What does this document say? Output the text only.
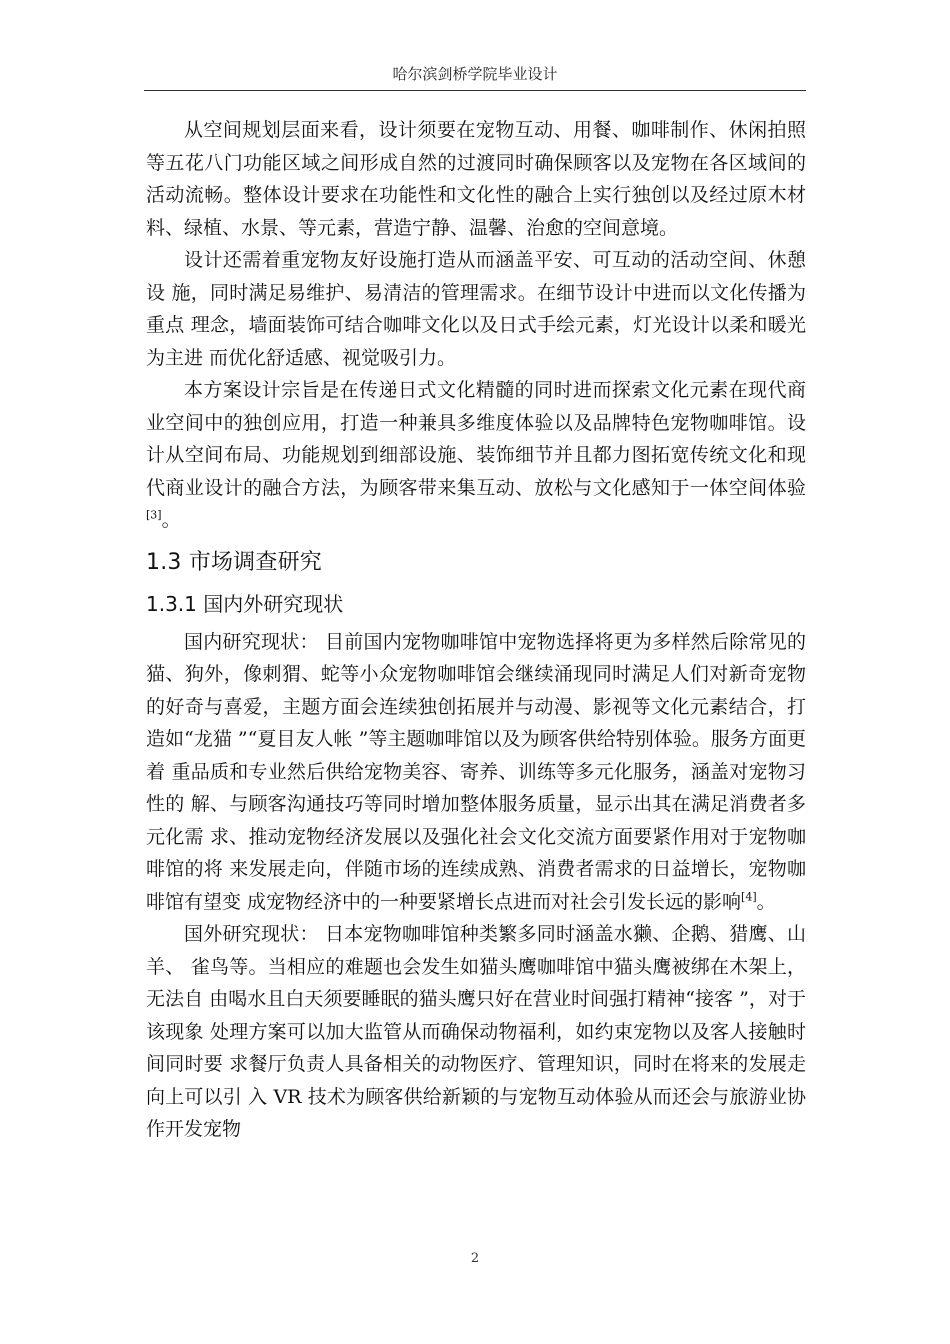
哈尔滨剑桥学院毕业设计

从空间规划层面来看，设计须要在宠物互动、用餐、咖啡制作、休闲拍照等五花八门功能区域之间形成自然的过渡同时确保顾客以及宠物在各区域间的活动流畅。整体设计要求在功能性和文化性的融合上实行独创以及经过原木材料、绿植、水景、等元素，营造宁静、温馨、治愈的空间意境。

设计还需着重宠物友好设施打造从而涵盖平安、可互动的活动空间、休憩设 施，同时满足易维护、易清洁的管理需求。在细节设计中进而以文化传播为重点 理念，墙面装饰可结合咖啡文化以及日式手绘元素，灯光设计以柔和暖光为主进 而优化舒适感、视觉吸引力。

本方案设计宗旨是在传递日式文化精髓的同时进而探索文化元素在现代商业空间中的独创应用，打造一种兼具多维度体验以及品牌特色宠物咖啡馆。设计从空间布局、功能规划到细部设施、装饰细节并且都力图拓宽传统文化和现代商业设计的融合方法，为顾客带来集互动、放松与文化感知于一体空间体验[3]。

1.3 市场调查研究
1.3.1 国内外研究现状

国内研究现状： 目前国内宠物咖啡馆中宠物选择将更为多样然后除常见的猫、狗外，像刺猬、蛇等小众宠物咖啡馆会继续涌现同时满足人们对新奇宠物的好奇与喜爱，主题方面会连续独创拓展并与动漫、影视等文化元素结合，打造如“龙猫 ”“夏目友人帐 ”等主题咖啡馆以及为顾客供给特别体验。服务方面更着 重品质和专业然后供给宠物美容、寄养、训练等多元化服务，涵盖对宠物习性的 解、与顾客沟通技巧等同时增加整体服务质量，显示出其在满足消费者多元化需 求、推动宠物经济发展以及强化社会文化交流方面要紧作用对于宠物咖啡馆的将 来发展走向，伴随市场的连续成熟、消费者需求的日益增长，宠物咖啡馆有望变 成宠物经济中的一种要紧增长点进而对社会引发长远的影响[4]。

国外研究现状： 日本宠物咖啡馆种类繁多同时涵盖水獭、企鹅、猎鹰、山羊、 雀鸟等。当相应的难题也会发生如猫头鹰咖啡馆中猫头鹰被绑在木架上，无法自 由喝水且白天须要睡眠的猫头鹰只好在营业时间强打精神“接客 ”，对于该现象 处理方案可以加大监管从而确保动物福利，如约束宠物以及客人接触时间同时要 求餐厅负责人具备相关的动物医疗、管理知识，同时在将来的发展走向上可以引 入 VR 技术为顾客供给新颖的与宠物互动体验从而还会与旅游业协作开发宠物

2
